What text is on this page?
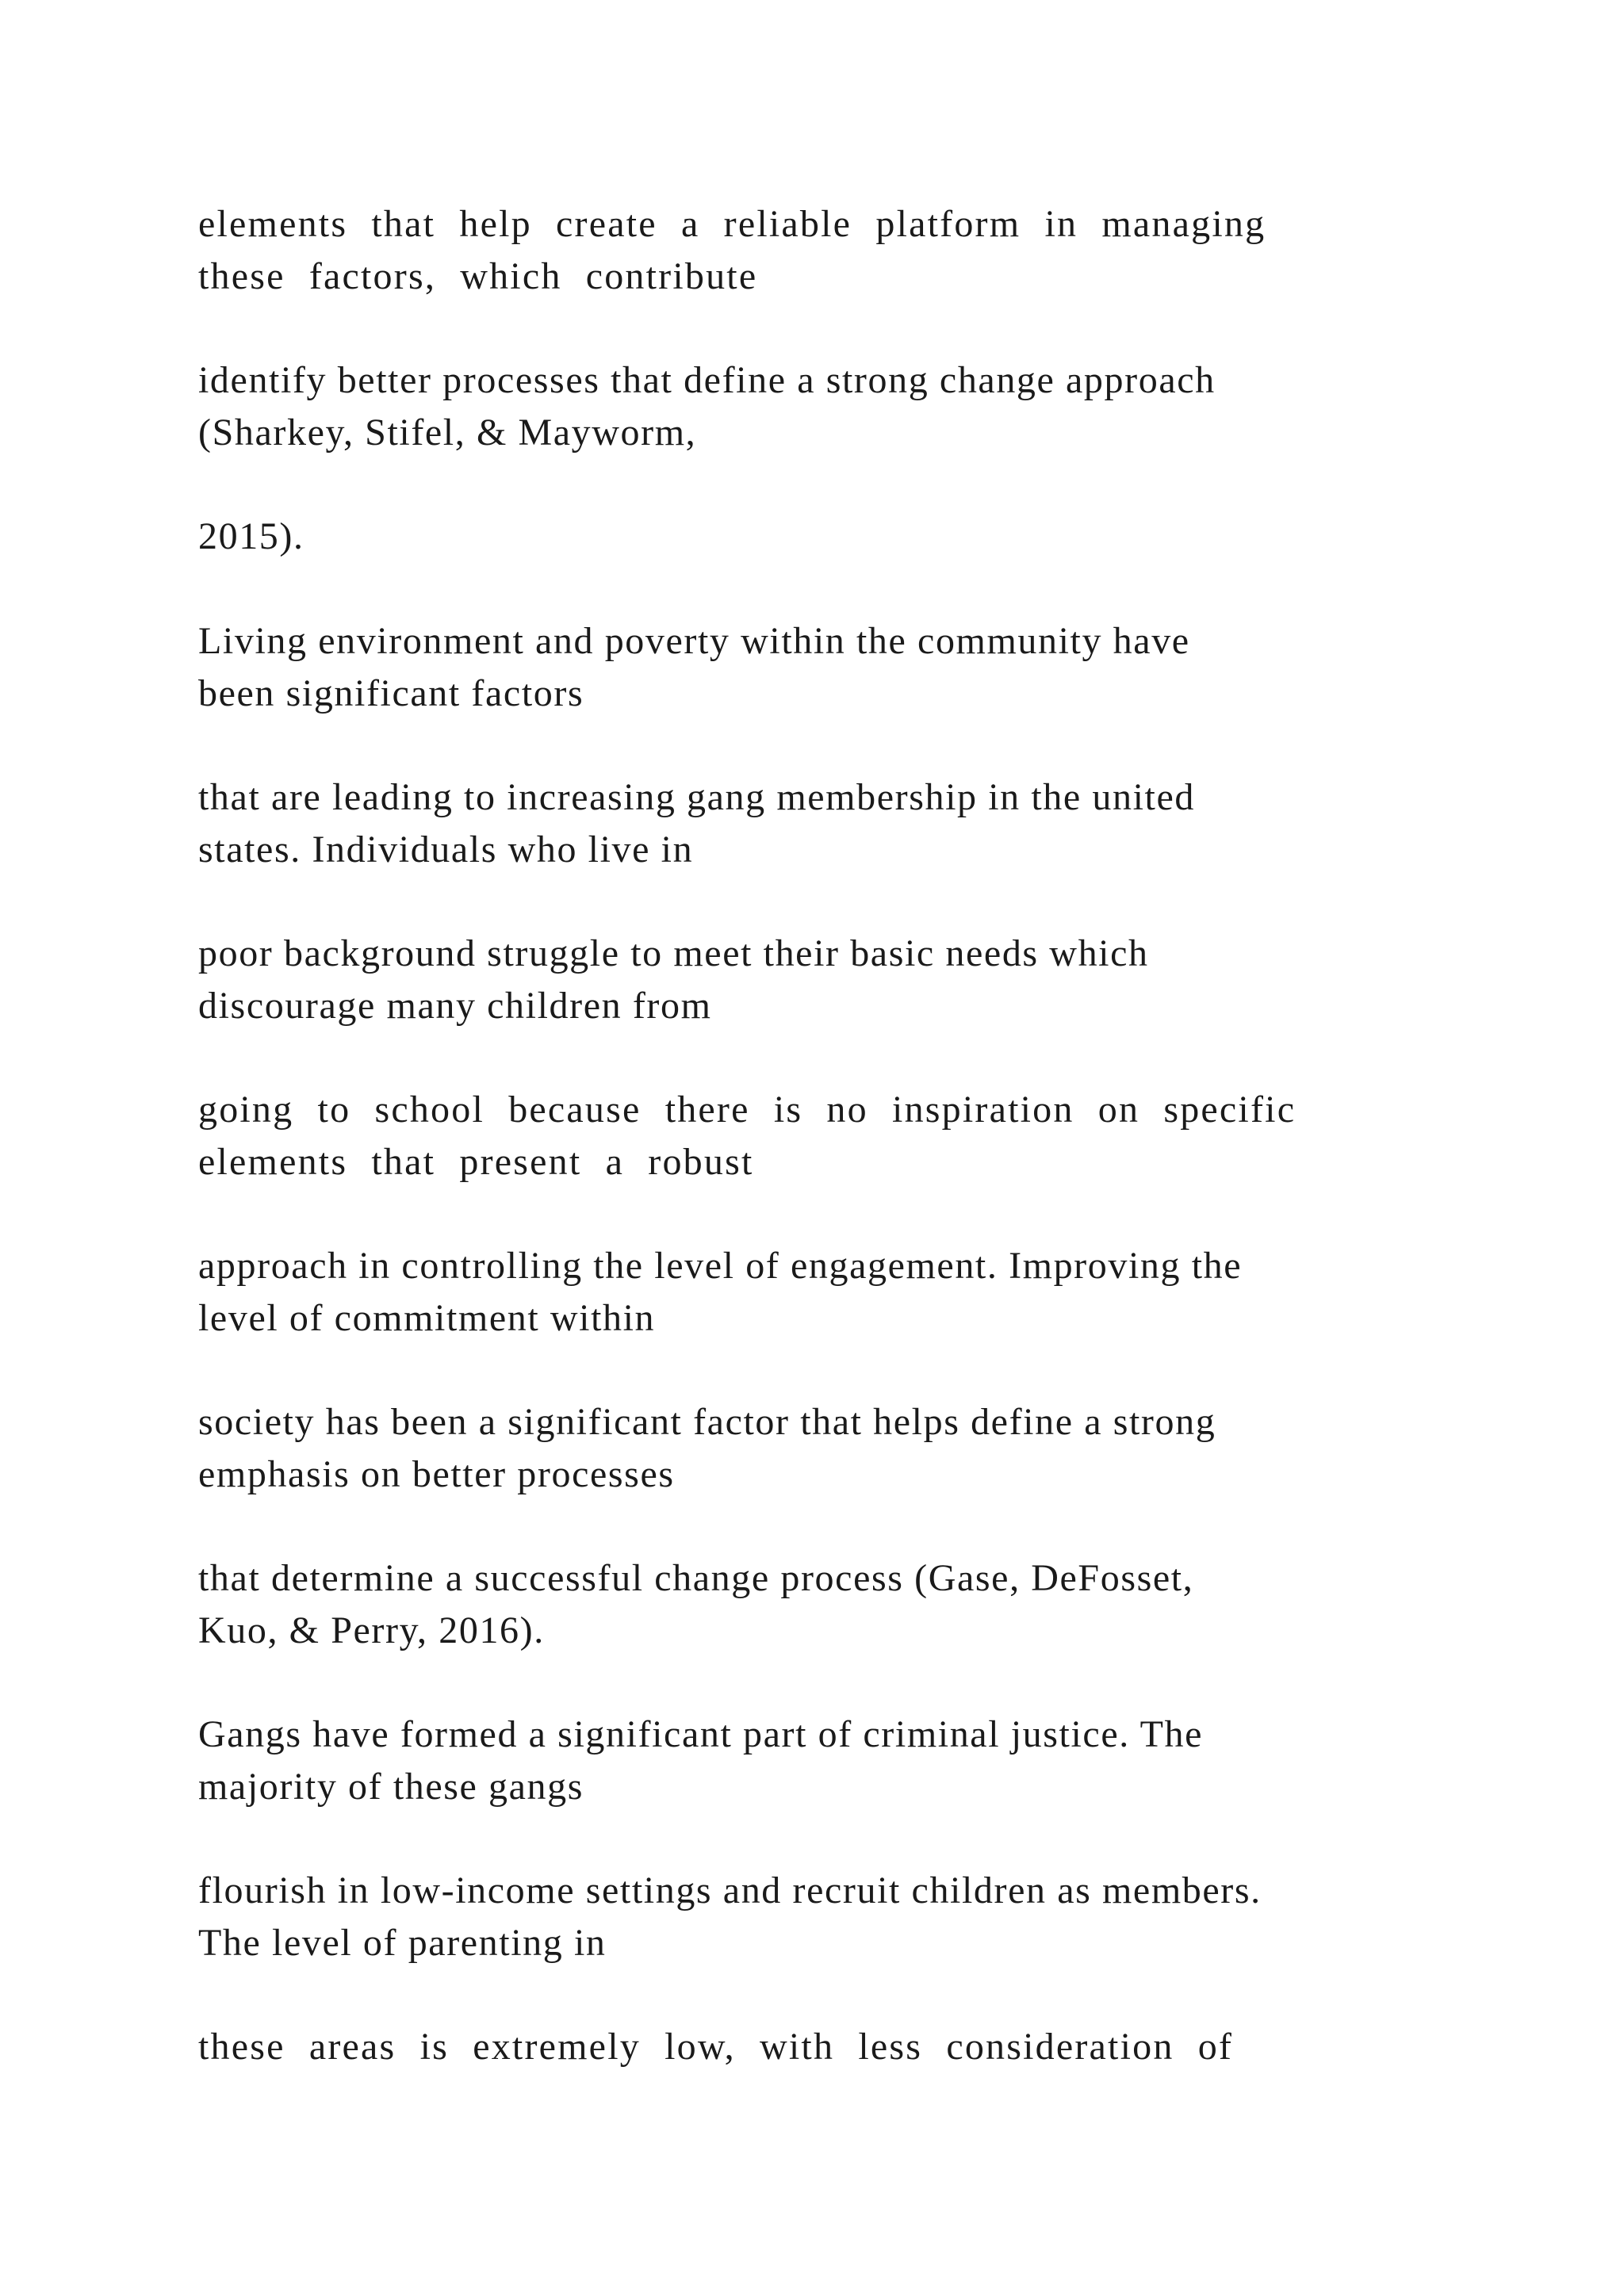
elements that help create a reliable platform in managing
these factors, which contribute

identify better processes that define a strong change approach
(Sharkey, Stifel, & Mayworm,

2015).

Living environment and poverty within the community have
been significant factors

that are leading to increasing gang membership in the united
states. Individuals who live in

poor background struggle to meet their basic needs which
discourage many children from

going to school because there is no inspiration on specific
elements that present a robust

approach in controlling the level of engagement. Improving the
level of commitment within

society has been a significant factor that helps define a strong
emphasis on better processes

that determine a successful change process (Gase, DeFosset,
Kuo, & Perry, 2016).

Gangs have formed a significant part of criminal justice. The
majority of these gangs

flourish in low-income settings and recruit children as members.
The level of parenting in

these areas is extremely low, with less consideration of
